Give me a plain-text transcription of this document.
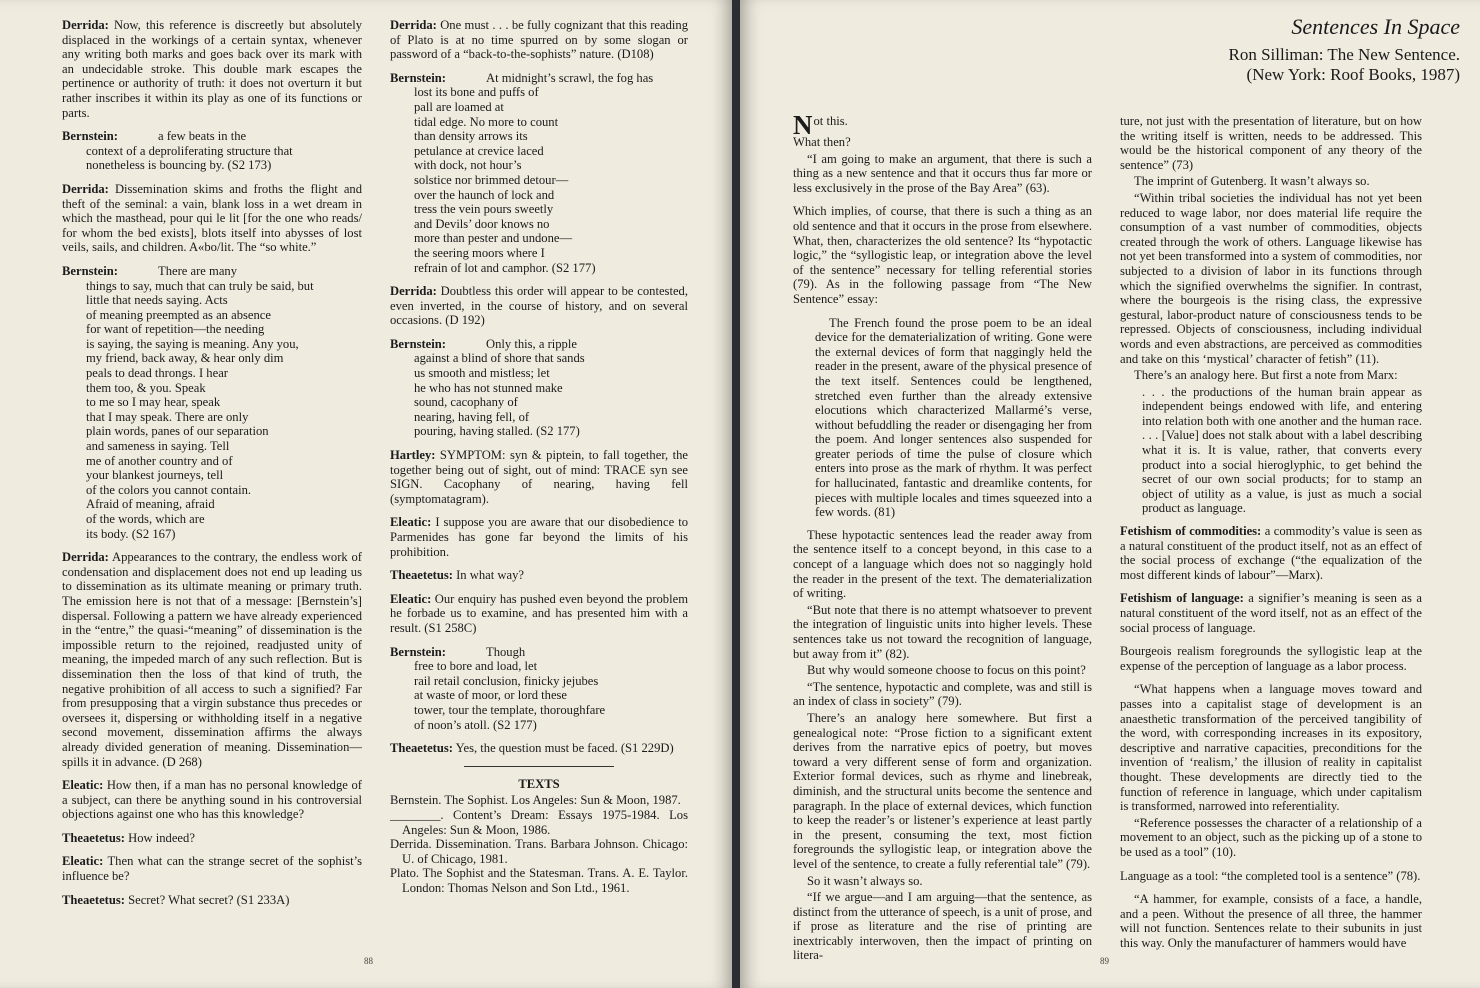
Derrida: Now, this reference is discreetly but absolutely displaced in the workings of a certain syntax, whenever any writing both marks and goes back over its mark with an undecidable stroke. This double mark escapes the pertinence or authority of truth: it does not overturn it but rather inscribes it within its play as one of its functions or parts.

Bernstein:	a few beats in the
context of a deproliferating structure that
nonetheless is bouncing by. (S2 173)

Derrida: Dissemination skims and froths the flight and theft of the seminal: a vain, blank loss in a wet dream in which the masthead, pour qui le lit [for the one who reads/ for whom the bed exists], blots itself into abysses of lost veils, sails, and children. A«bo/lit. The “so white.”

Bernstein:	There are many
things to say, much that can truly be said, but
little that needs saying. Acts
of meaning preempted as an absence
for want of repetition—the needing
is saying, the saying is meaning. Any you,
my friend, back away, & hear only dim
peals to dead throngs. I hear
them too, & you. Speak
to me so I may hear, speak
that I may speak. There are only
plain words, panes of our separation
and sameness in saying. Tell
me of another country and of
your blankest journeys, tell
of the colors you cannot contain.
Afraid of meaning, afraid
of the words, which are
its body. (S2 167)

Derrida: Appearances to the contrary, the endless work of condensation and displacement does not end up leading us to dissemination as its ultimate meaning or primary truth. The emission here is not that of a message: [Bernstein’s] dispersal. Following a pattern we have already experienced in the “entre,” the quasi-“meaning” of dissemination is the impossible return to the rejoined, readjusted unity of meaning, the impeded march of any such reflection. But is dissemination then the loss of that kind of truth, the negative prohibition of all access to such a signified? Far from presupposing that a virgin substance thus precedes or oversees it, dispersing or withholding itself in a negative second movement, dissemination affirms the always already divided generation of meaning. Dissemination—spills it in advance. (D 268)

Eleatic: How then, if a man has no personal knowledge of a subject, can there be anything sound in his controversial objections against one who has this knowledge?

Theaetetus: How indeed?

Eleatic: Then what can the strange secret of the sophist’s influence be?

Theaetetus: Secret? What secret? (S1 233A)

Derrida: One must . . . be fully cognizant that this reading of Plato is at no time spurred on by some slogan or password of a “back-to-the-sophists” nature. (D108)

Bernstein:	At midnight’s scrawl, the fog has
lost its bone and puffs of
pall are loamed at
tidal edge. No more to count
than density arrows its
petulance at crevice laced
with dock, not hour’s
solstice nor brimmed detour—
over the haunch of lock and
tress the vein pours sweetly
and Devils’ door knows no
more than pester and undone—
the seering moors where I
refrain of lot and camphor. (S2 177)

Derrida: Doubtless this order will appear to be contested, even inverted, in the course of history, and on several occasions. (D 192)

Bernstein:	Only this, a ripple
against a blind of shore that sands
us smooth and mistless; let
he who has not stunned make
sound, cacophany of
nearing, having fell, of
pouring, having stalled. (S2 177)

Hartley: SYMPTOM: syn & piptein, to fall together, the together being out of sight, out of mind: TRACE syn see SIGN. Cacophany of nearing, having fell (symptomatagram).

Eleatic: I suppose you are aware that our disobedience to Parmenides has gone far beyond the limits of his prohibition.

Theaetetus: In what way?

Eleatic: Our enquiry has pushed even beyond the problem he forbade us to examine, and has presented him with a result. (S1 258C)

Bernstein:	Though
free to bore and load, let
rail retail conclusion, finicky jejubes
at waste of moor, or lord these
tower, tour the template, thoroughfare
of noon’s atoll. (S2 177)

Theaetetus: Yes, the question must be faced. (S1 229D)

TEXTS
Bernstein. The Sophist. Los Angeles: Sun & Moon, 1987.
________. Content’s Dream: Essays 1975-1984. Los Angeles: Sun & Moon, 1986.
Derrida. Dissemination. Trans. Barbara Johnson. Chicago: U. of Chicago, 1981.
Plato. The Sophist and the Statesman. Trans. A. E. Taylor. London: Thomas Nelson and Son Ltd., 1961.
88
Sentences In Space
Ron Silliman: The New Sentence.
(New York: Roof Books, 1987)

Not this.

What then?

“I am going to make an argument, that there is such a thing as a new sentence and that it occurs thus far more or less exclusively in the prose of the Bay Area” (63).

Which implies, of course, that there is such a thing as an old sentence and that it occurs in the prose from elsewhere. What, then, characterizes the old sentence? Its “hypotactic logic,” the “syllogistic leap, or integration above the level of the sentence” necessary for telling referential stories (79). As in the following passage from “The New Sentence” essay:

The French found the prose poem to be an ideal device for the dematerialization of writing. Gone were the external devices of form that naggingly held the reader in the present, aware of the physical presence of the text itself. Sentences could be lengthened, stretched even further than the already extensive elocutions which characterized Mallarmé’s verse, without befuddling the reader or disengaging her from the poem. And longer sentences also suspended for greater periods of time the pulse of closure which enters into prose as the mark of rhythm. It was perfect for hallucinated, fantastic and dreamlike contents, for pieces with multiple locales and times squeezed into a few words. (81)

These hypotactic sentences lead the reader away from the sentence itself to a concept beyond, in this case to a concept of a language which does not so naggingly hold the reader in the present of the text. The dematerialization of writing.

“But note that there is no attempt whatsoever to prevent the integration of linguistic units into higher levels. These sentences take us not toward the recognition of language, but away from it” (82).

But why would someone choose to focus on this point?

“The sentence, hypotactic and complete, was and still is an index of class in society” (79).

There’s an analogy here somewhere. But first a genealogical note: “Prose fiction to a significant extent derives from the narrative epics of poetry, but moves toward a very different sense of form and organization. Exterior formal devices, such as rhyme and linebreak, diminish, and the structural units become the sentence and paragraph. In the place of external devices, which function to keep the reader’s or listener’s experience at least partly in the present, consuming the text, most fiction foregrounds the syllogistic leap, or integration above the level of the sentence, to create a fully referential tale” (79).

So it wasn’t always so.

“If we argue—and I am arguing—that the sentence, as distinct from the utterance of speech, is a unit of prose, and if prose as literature and the rise of printing are inextricably interwoven, then the impact of printing on litera-

ture, not just with the presentation of literature, but on how the writing itself is written, needs to be addressed. This would be the historical component of any theory of the sentence” (73)

The imprint of Gutenberg. It wasn’t always so.

“Within tribal societies the individual has not yet been reduced to wage labor, nor does material life require the consumption of a vast number of commodities, objects created through the work of others. Language likewise has not yet been transformed into a system of commodities, nor subjected to a division of labor in its functions through which the signified overwhelms the signifier. In contrast, where the bourgeois is the rising class, the expressive gestural, labor-product nature of consciousness tends to be repressed. Objects of consciousness, including individual words and even abstractions, are perceived as commodities and take on this ‘mystical’ character of fetish” (11).

There’s an analogy here. But first a note from Marx:

. . . the productions of the human brain appear as independent beings endowed with life, and entering into relation both with one another and the human race. . . . [Value] does not stalk about with a label describing what it is. It is value, rather, that converts every product into a social hieroglyphic, to get behind the secret of our own social products; for to stamp an object of utility as a value, is just as much a social product as language.

Fetishism of commodities: a commodity’s value is seen as a natural constituent of the product itself, not as an effect of the social process of exchange (“the equalization of the most different kinds of labour”—Marx).

Fetishism of language: a signifier’s meaning is seen as a natural constituent of the word itself, not as an effect of the social process of language.

Bourgeois realism foregrounds the syllogistic leap at the expense of the perception of language as a labor process.

“What happens when a language moves toward and passes into a capitalist stage of development is an anaesthetic transformation of the perceived tangibility of the word, with corresponding increases in its expository, descriptive and narrative capacities, preconditions for the invention of ‘realism,’ the illusion of reality in capitalist thought. These developments are directly tied to the function of reference in language, which under capitalism is transformed, narrowed into referentiality.

“Reference possesses the character of a relationship of a movement to an object, such as the picking up of a stone to be used as a tool” (10).

Language as a tool: “the completed tool is a sentence” (78).

“A hammer, for example, consists of a face, a handle, and a peen. Without the presence of all three, the hammer will not function. Sentences relate to their subunits in just this way. Only the manufacturer of hammers would have

89
